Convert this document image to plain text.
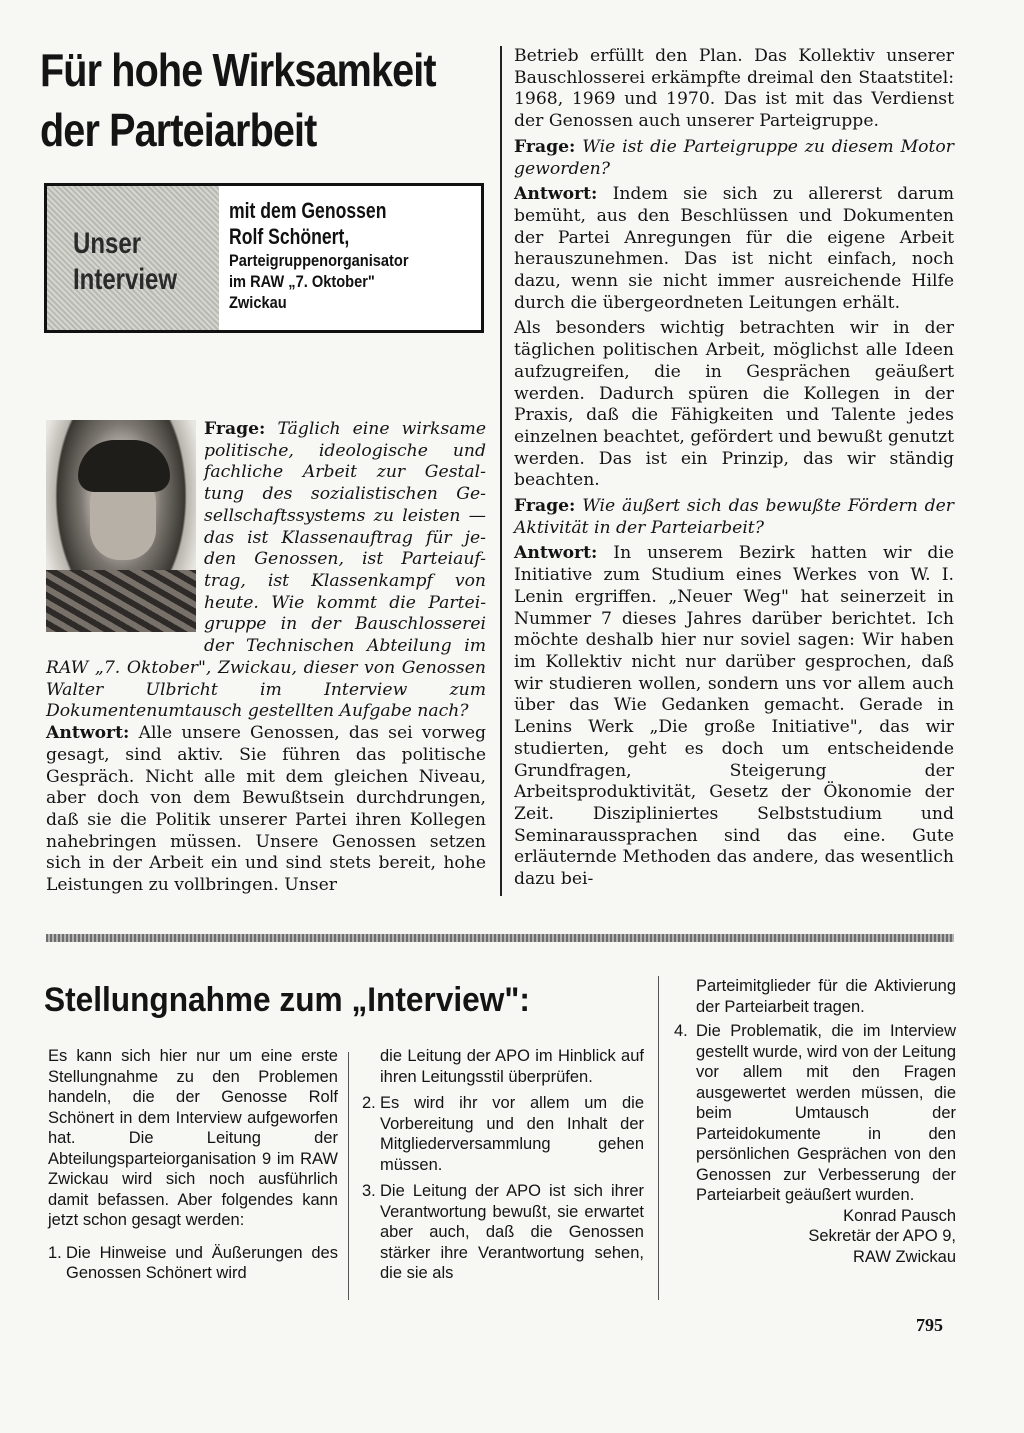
Für hohe Wirksamkeit
der Parteiarbeit
Unser
Interview
mit dem Genossen
Rolf Schönert,
Parteigruppenorganisator
im RAW „7. Oktober"
Zwickau
Frage: Täglich eine wirksame
politische, ideologische und
fachliche Arbeit zur Gestal-
tung des sozialistischen Ge-
sellschaftssystems zu leisten —
das ist Klassenauftrag für je-
den Genossen, ist Parteiauf-
trag, ist Klassenkampf von
heute. Wie kommt die Partei-
gruppe in der Bauschlosserei
der Technischen Abteilung im

RAW „7. Oktober", Zwickau, dieser von Genossen Walter Ulbricht im Interview zum Dokumentenumtausch gestellten Aufgabe nach?

Antwort: Alle unsere Genossen, das sei vorweg gesagt, sind aktiv. Sie führen das politische Gespräch. Nicht alle mit dem gleichen Niveau, aber doch von dem Bewußtsein durchdrungen, daß sie die Politik unserer Partei ihren Kollegen nahebringen müssen. Unsere Genossen setzen sich in der Arbeit ein und sind stets bereit, hohe Leistungen zu vollbringen. Unser

Betrieb erfüllt den Plan. Das Kollektiv unserer Bauschlosserei erkämpfte dreimal den Staatstitel: 1968, 1969 und 1970. Das ist mit das Verdienst der Genossen auch unserer Parteigruppe.

Frage: Wie ist die Parteigruppe zu diesem Motor geworden?

Antwort: Indem sie sich zu allererst darum bemüht, aus den Beschlüssen und Dokumenten der Partei Anregungen für die eigene Arbeit herauszunehmen. Das ist nicht einfach, noch dazu, wenn sie nicht immer ausreichende Hilfe durch die übergeordneten Leitungen erhält.

Als besonders wichtig betrachten wir in der täglichen politischen Arbeit, möglichst alle Ideen aufzugreifen, die in Gesprächen geäußert werden. Dadurch spüren die Kollegen in der Praxis, daß die Fähigkeiten und Talente jedes einzelnen beachtet, gefördert und bewußt genutzt werden. Das ist ein Prinzip, das wir ständig beachten.

Frage: Wie äußert sich das bewußte Fördern der Aktivität in der Parteiarbeit?

Antwort: In unserem Bezirk hatten wir die Initiative zum Studium eines Werkes von W. I. Lenin ergriffen. „Neuer Weg" hat seinerzeit in Nummer 7 dieses Jahres darüber berichtet. Ich möchte deshalb hier nur soviel sagen: Wir haben im Kollektiv nicht nur darüber gesprochen, daß wir studieren wollen, sondern uns vor allem auch über das Wie Gedanken gemacht. Gerade in Lenins Werk „Die große Initiative", das wir studierten, geht es doch um entscheidende Grundfragen, Steigerung der Arbeitsproduktivität, Gesetz der Ökonomie der Zeit. Diszipliniertes Selbststudium und Seminaraussprachen sind das eine. Gute erläuternde Methoden das andere, das wesentlich dazu bei-

Stellungnahme zum „Interview":

Es kann sich hier nur um eine erste Stellungnahme zu den Problemen handeln, die der Genosse Rolf Schönert in dem Interview aufgeworfen hat. Die Leitung der Abteilungsparteiorganisation 9 im RAW Zwickau wird sich noch ausführlich damit befassen. Aber folgendes kann jetzt schon gesagt werden:

1. Die Hinweise und Äußerungen des Genossen Schönert wird

die Leitung der APO im Hinblick auf ihren Leitungsstil überprüfen.

2. Es wird ihr vor allem um die Vorbereitung und den Inhalt der Mitgliederversammlung gehen müssen.
3. Die Leitung der APO ist sich ihrer Verantwortung bewußt, sie erwartet aber auch, daß die Genossen stärker ihre Verantwortung sehen, die sie als

Parteimitglieder für die Aktivierung der Parteiarbeit tragen.

4. Die Problematik, die im Interview gestellt wurde, wird von der Leitung vor allem mit den Fragen ausgewertet werden müssen, die beim Umtausch der Parteidokumente in den persönlichen Gesprächen von den Genossen zur Verbesserung der Parteiarbeit geäußert wurden.
Konrad Pausch
Sekretär der APO 9,
RAW Zwickau
795
